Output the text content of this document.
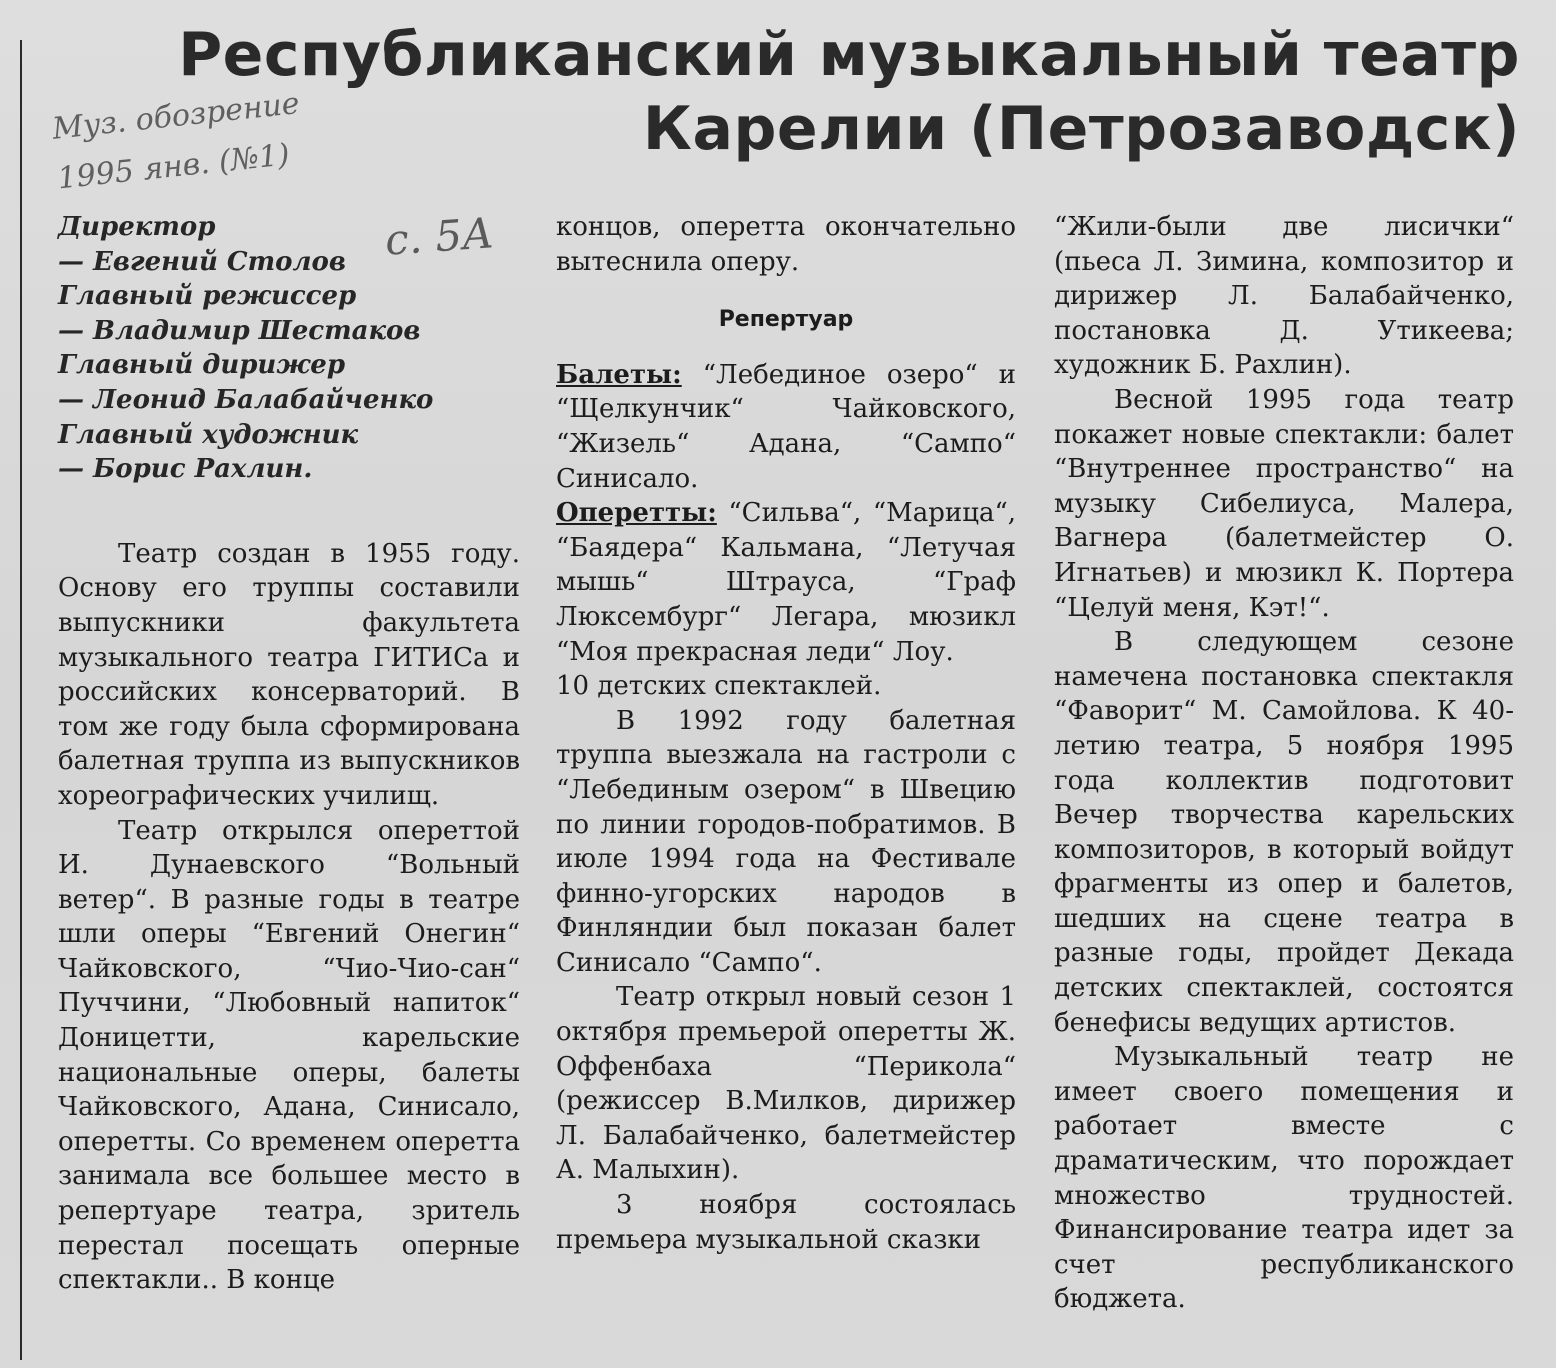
Республиканский музыкальный театр
Карелии (Петрозаводск)
Муз. обозрение
1995 янв. (№1)
с. 5А
Директор
— Евгений Столов
Главный режиссер
— Владимир Шестаков
Главный дирижер
— Леонид Балабайченко
Главный художник
— Борис Рахлин.

Театр создан в 1955 году. Основу его труппы составили выпускники факультета музыкального театра ГИТИСа и российских консерваторий. В том же году была сформирована балетная труппа из выпускников хореографических училищ.

Театр открылся опереттой И. Дунаевского “Вольный ветер“. В разные годы в театре шли оперы “Евгений Онегин“ Чайковского, “Чио-Чио-сан“ Пуччини, “Любовный напиток“ Доницетти, карельские национальные оперы, балеты Чайковского, Адана, Синисало, оперетты. Со временем оперетта занимала все большее место в репертуаре театра, зритель перестал посещать оперные спектакли.. В конце

концов, оперетта окончательно вытеснила оперу.

Репертуар

Балеты: “Лебединое озеро“ и “Щелкунчик“ Чайковского, “Жизель“ Адана, “Сампо“ Синисало.

Оперетты: “Сильва“, “Марица“, “Баядера“ Кальмана, “Летучая мышь“ Штрауса, “Граф Люксембург“ Легара, мюзикл “Моя прекрасная леди“ Лоу.

10 детских спектаклей.

В 1992 году балетная труппа выезжала на гастроли с “Лебединым озером“ в Швецию по линии городов-побратимов. В июле 1994 года на Фестивале финно-угорских народов в Финляндии был показан балет Синисало “Сампо“.

Театр открыл новый сезон 1 октября премьерой оперетты Ж. Оффенбаха “Перикола“ (режиссер В.Милков, дирижер Л. Балабайченко, балетмейстер А. Малыхин).

3 ноября состоялась премьера музыкальной сказки

“Жили-были две лисички“ (пьеса Л. Зимина, композитор и дирижер Л. Балабайченко, постановка Д. Утикеева; художник Б. Рахлин).

Весной 1995 года театр покажет новые спектакли: балет “Внутреннее пространство“ на музыку Сибелиуса, Малера, Вагнера (балетмейстер О. Игнатьев) и мюзикл К. Портера “Целуй меня, Кэт!“.

В следующем сезоне намечена постановка спектакля “Фаворит“ М. Самойлова. К 40-летию театра, 5 ноября 1995 года коллектив подготовит Вечер творчества карельских композиторов, в который войдут фрагменты из опер и балетов, шедших на сцене театра в разные годы, пройдет Декада детских спектаклей, состоятся бенефисы ведущих артистов.

Музыкальный театр не имеет своего помещения и работает вместе с драматическим, что порождает множество трудностей. Финансирование театра идет за счет республиканского бюджета.
